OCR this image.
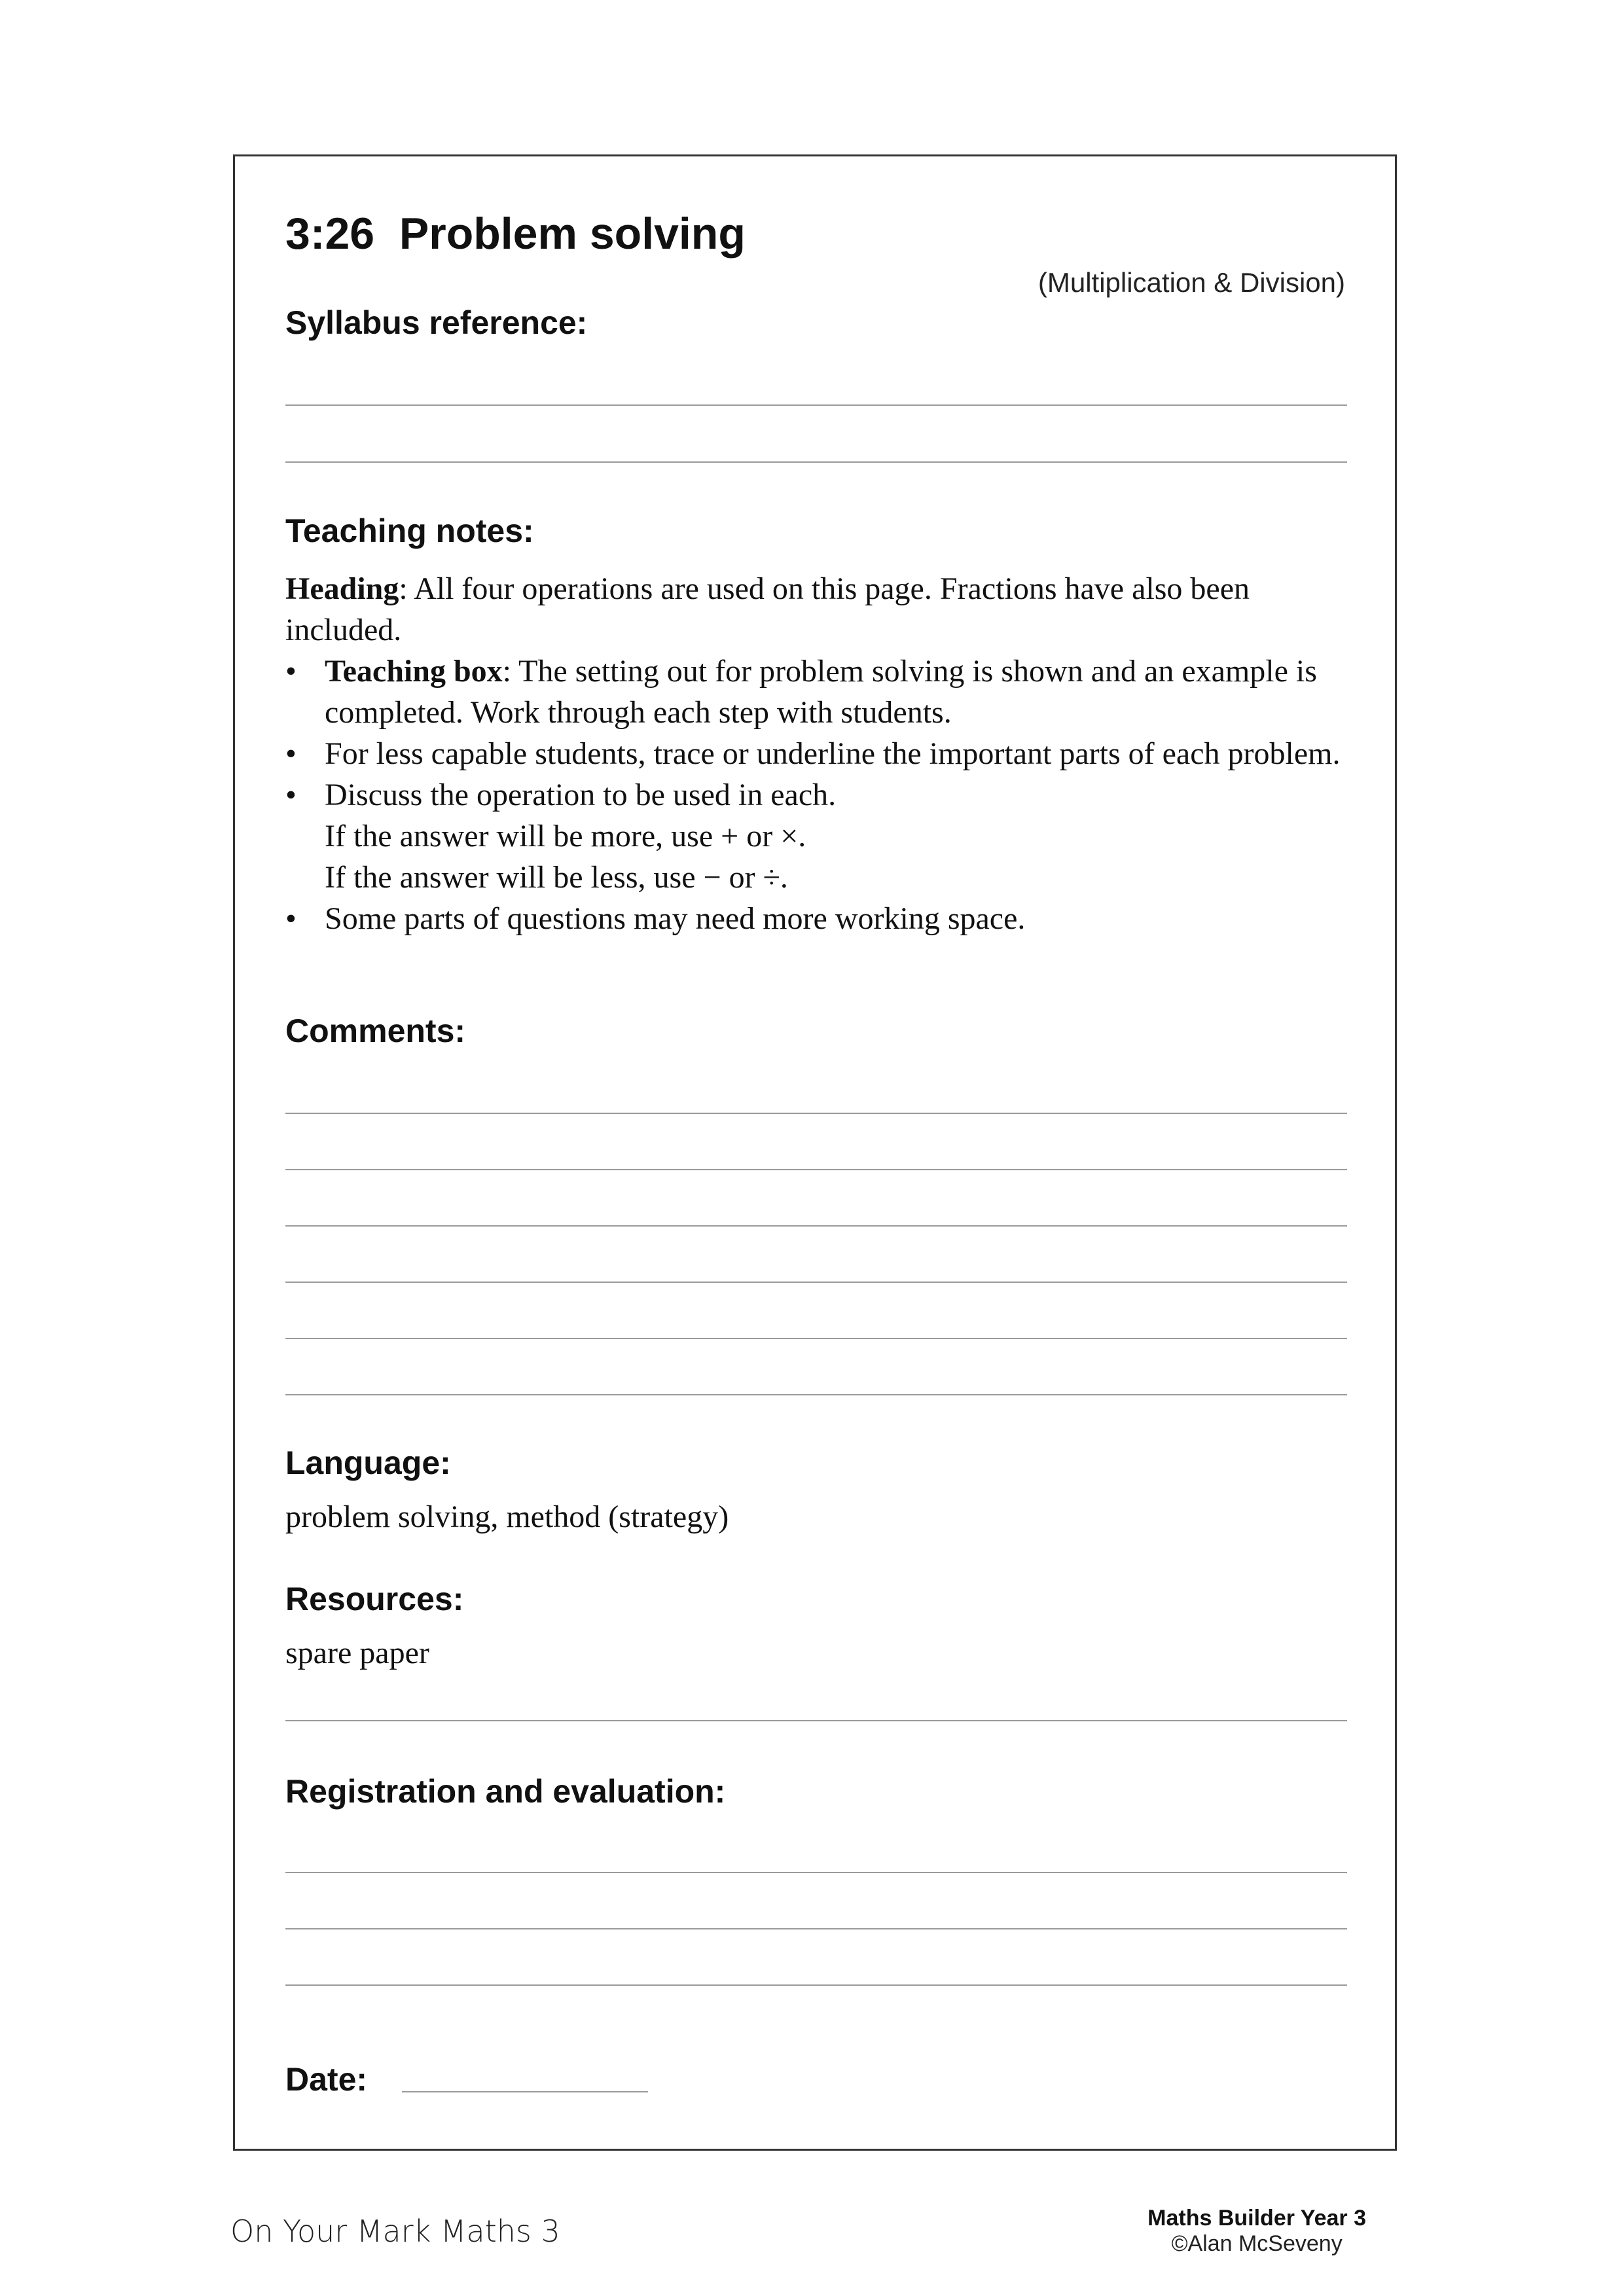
3:26  Problem solving
(Multiplication & Division)
Syllabus reference:
Teaching notes:

Heading: All four operations are used on this page. Fractions have also been included.

• Teaching box: The setting out for problem solving is shown and an example is completed. Work through each step with students.
• For less capable students, trace or underline the important parts of each problem.
• Discuss the operation to be used in each.
If the answer will be more, use + or ×.
If the answer will be less, use − or ÷.
• Some parts of questions may need more working space.
Comments:
Language:
problem solving, method (strategy)
Resources:
spare paper
Registration and evaluation:
Date:
On Your Mark Maths 3	Maths Builder Year 3
©Alan McSeveny
